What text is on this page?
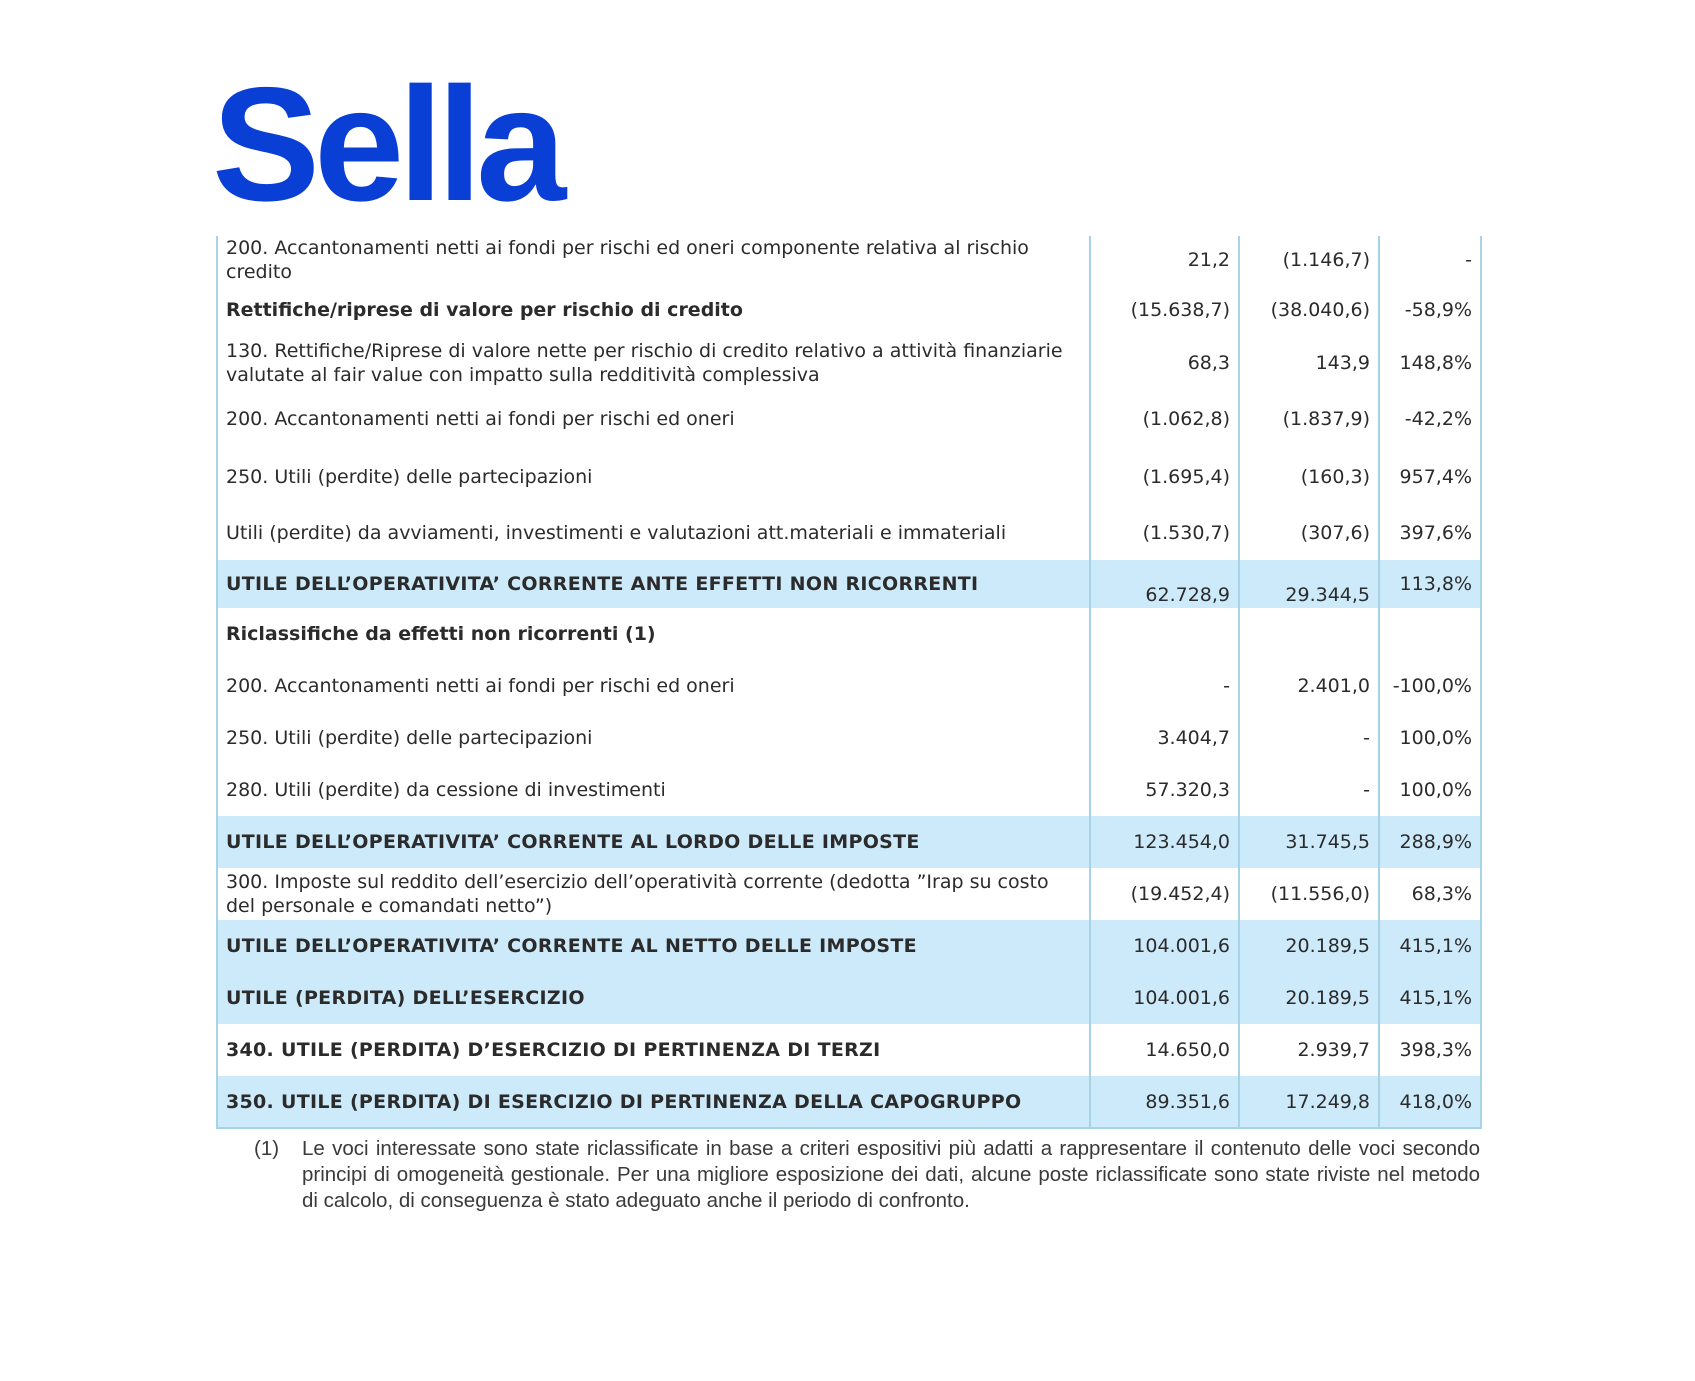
Sella
200. Accantonamenti netti ai fondi per rischi ed oneri componente relativa al rischio credito	21,2	(1.146,7)	-
Rettifiche/riprese di valore per rischio di credito	(15.638,7)	(38.040,6)	-58,9%
130. Rettifiche/Riprese di valore nette per rischio di credito relativo a attività finanziarie valutate al fair value con impatto sulla redditività complessiva	68,3	143,9	148,8%
200. Accantonamenti netti ai fondi per rischi ed oneri	(1.062,8)	(1.837,9)	-42,2%
250. Utili (perdite) delle partecipazioni	(1.695,4)	(160,3)	957,4%
Utili (perdite) da avviamenti, investimenti e valutazioni att.materiali e immateriali	(1.530,7)	(307,6)	397,6%
UTILE DELL’OPERATIVITA’ CORRENTE ANTE EFFETTI NON RICORRENTI	62.728,9	29.344,5	113,8%
Riclassifiche da effetti non ricorrenti (1)			
200. Accantonamenti netti ai fondi per rischi ed oneri	-	2.401,0	-100,0%
250. Utili (perdite) delle partecipazioni	3.404,7	-	100,0%
280. Utili (perdite) da cessione di investimenti	57.320,3	-	100,0%
UTILE DELL’OPERATIVITA’ CORRENTE AL LORDO DELLE IMPOSTE	123.454,0	31.745,5	288,9%
300. Imposte sul reddito dell’esercizio dell’operatività corrente (dedotta ”Irap su costo del personale e comandati netto”)	(19.452,4)	(11.556,0)	68,3%
UTILE DELL’OPERATIVITA’ CORRENTE AL NETTO DELLE IMPOSTE	104.001,6	20.189,5	415,1%
UTILE (PERDITA) DELL’ESERCIZIO	104.001,6	20.189,5	415,1%
340. UTILE (PERDITA) D’ESERCIZIO DI PERTINENZA DI TERZI	14.650,0	2.939,7	398,3%
350. UTILE (PERDITA) DI ESERCIZIO DI PERTINENZA DELLA CAPOGRUPPO	89.351,6	17.249,8	418,0%
(1)	Le voci interessate sono state riclassificate in base a criteri espositivi più adatti a rappresentare il contenuto delle voci secondo principi di omogeneità gestionale. Per una migliore esposizione dei dati, alcune poste riclassificate sono state riviste nel metodo di calcolo, di conseguenza è stato adeguato anche il periodo di confronto.
